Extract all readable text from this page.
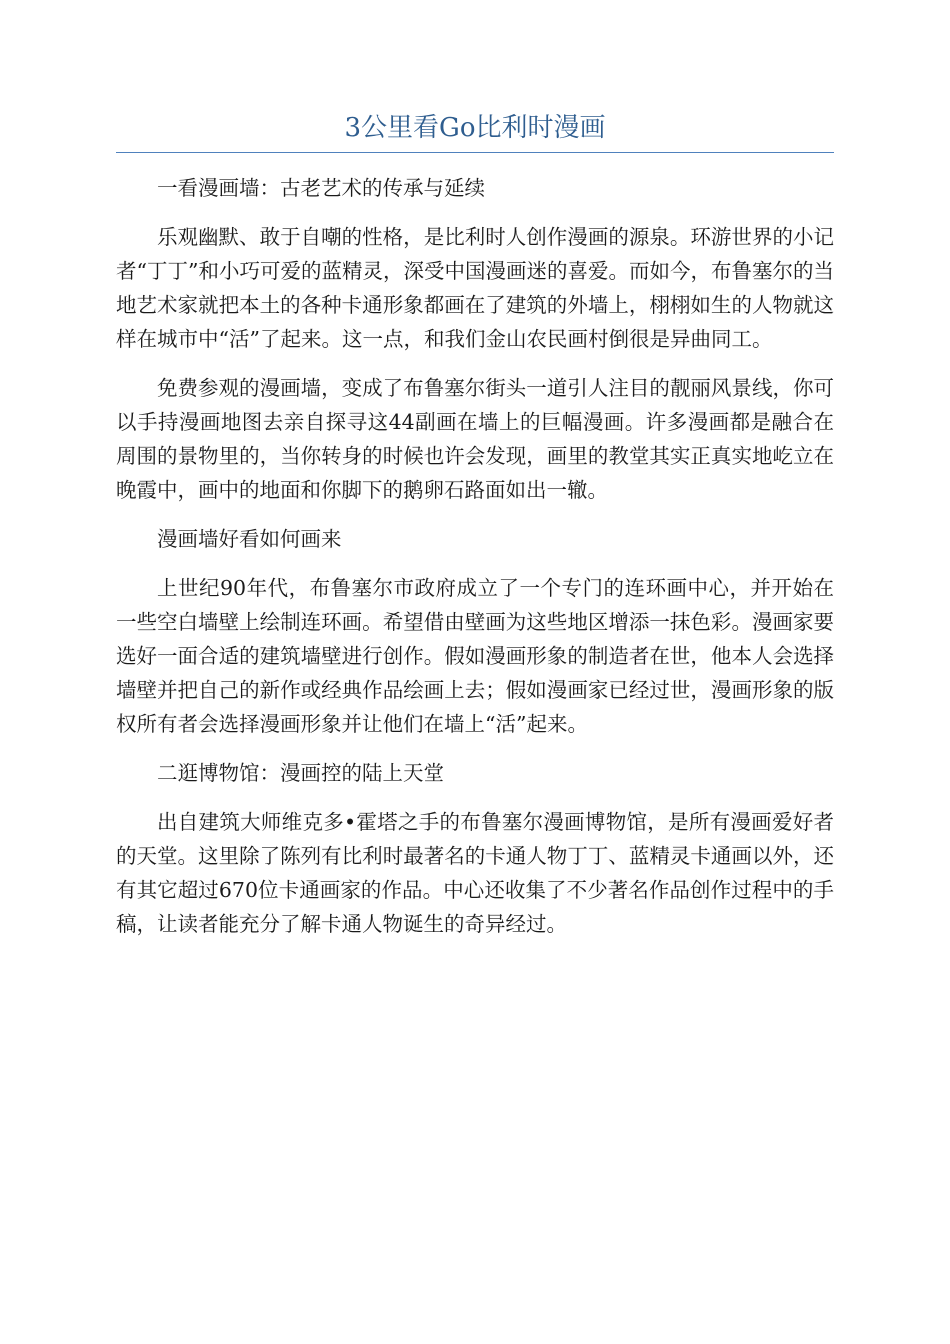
3公里看Go比利时漫画

一看漫画墙：古老艺术的传承与延续

乐观幽默、敢于自嘲的性格，是比利时人创作漫画的源泉。环游世界的小记者“丁丁”和小巧可爱的蓝精灵，深受中国漫画迷的喜爱。而如今，布鲁塞尔的当地艺术家就把本土的各种卡通形象都画在了建筑的外墙上，栩栩如生的人物就这样在城市中“活”了起来。这一点，和我们金山农民画村倒很是异曲同工。

免费参观的漫画墙，变成了布鲁塞尔街头一道引人注目的靓丽风景线，你可以手持漫画地图去亲自探寻这44副画在墙上的巨幅漫画。许多漫画都是融合在周围的景物里的，当你转身的时候也许会发现，画里的教堂其实正真实地屹立在晚霞中，画中的地面和你脚下的鹅卵石路面如出一辙。

漫画墙好看如何画来

上世纪90年代，布鲁塞尔市政府成立了一个专门的连环画中心，并开始在一些空白墙壁上绘制连环画。希望借由壁画为这些地区增添一抹色彩。漫画家要选好一面合适的建筑墙壁进行创作。假如漫画形象的制造者在世，他本人会选择墙壁并把自己的新作或经典作品绘画上去；假如漫画家已经过世，漫画形象的版权所有者会选择漫画形象并让他们在墙上“活”起来。

二逛博物馆：漫画控的陆上天堂

出自建筑大师维克多•霍塔之手的布鲁塞尔漫画博物馆，是所有漫画爱好者的天堂。这里除了陈列有比利时最著名的卡通人物丁丁、蓝精灵卡通画以外，还有其它超过670位卡通画家的作品。中心还收集了不少著名作品创作过程中的手稿，让读者能充分了解卡通人物诞生的奇异经过。
